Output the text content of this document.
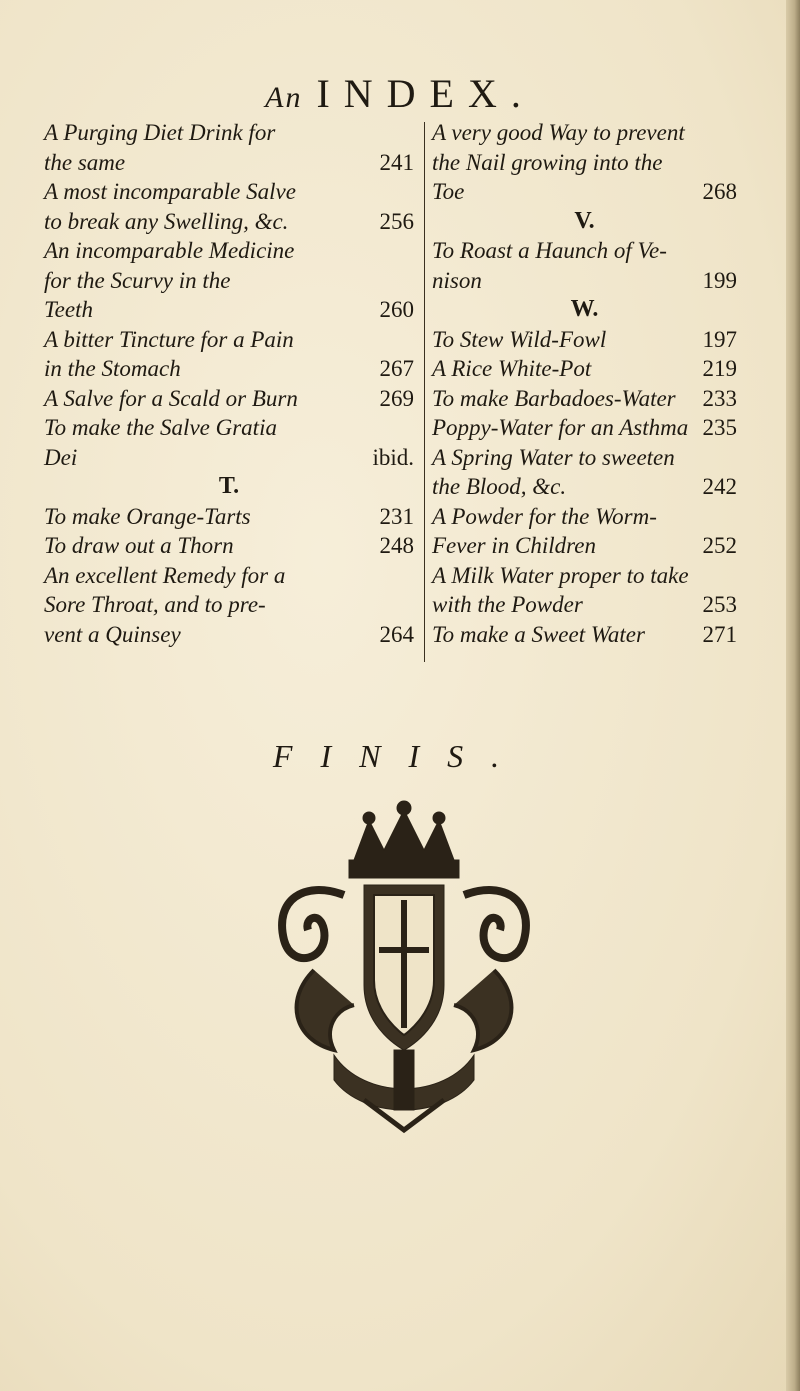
An INDEX.
A Purging Diet Drink for
241
the same
A most incomparable Salve
256
to break any Swelling, &c.
An incomparable Medicine
for the Scurvy in the
260
Teeth
A bitter Tincture for a Pain
267
in the Stomach
269
A Salve for a Scald or Burn
To make the Salve Gratia
ibid.
Dei

T.

231
To make Orange-Tarts
248
To draw out a Thorn
An excellent Remedy for a
Sore Throat, and to pre-
264
vent a Quinsey
A very good Way to prevent
the Nail growing into the
268
Toe

V.

To Roast a Haunch of Ve-
199
nison

W.

197
To Stew Wild-Fowl
219
A Rice White-Pot
233
To make Barbadoes-Water
235
Poppy-Water for an Asthma
A Spring Water to sweeten
242
the Blood, &c.
A Powder for the Worm-
252
Fever in Children
A Milk Water proper to take
253
with the Powder
271
To make a Sweet Water
FINIS.
